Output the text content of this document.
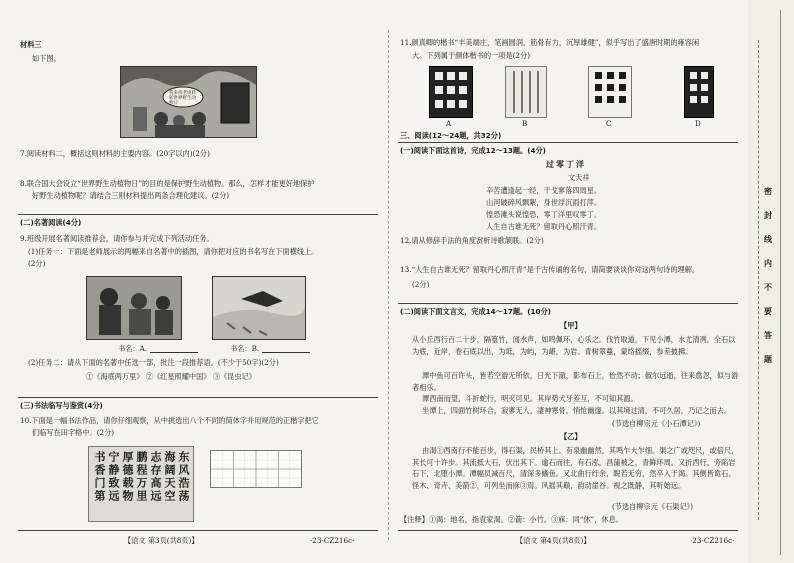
材料三
如下图。
我来找老虎转转世界野生动物日
7.阅读材料二，概括这则材料的主要内容。(20字以内)(2分)
8.联合国大会设立“世界野生动植物日”的目的是保护野生动植物。那么，怎样才能更好地保护
好野生动植物呢？请结合三则材料提出两条合理化建议。(2分)
(二)名著阅读(4分)
9.班级开展名著阅读推荐会，请你参与并完成下列活动任务。
(1)任务一：下面是老师展示的两幅来自名著中的插图，请你把对应的书名写在下面横线上。
(2分)
书名：A.	书名：B.
(2)任务二：请从下面的名著中任选一部，批注一段推荐语。(不少于50字)(2分)
①《海底两万里》 ②《红星照耀中国》 ③《昆虫记》
(三)书法临写与鉴赏(4分)
10.下面是一幅书法作品，请你仔细观察，从中挑选出八个不同的简体字并用规范的正楷字把它
们临写在田字格中。(2分)
东风浩荡
海阔天空
志存高远
鹏程万里
厚德载物
宁静致远
书香门第
【语文 第3页(共8页)】	·23-CZ216c·
11.颜真卿的楷书“丰美端庄，笔画圆润，筋骨有力，沉厚雄健”，似乎写出了盛唐时期的雍容闲
大。下列属于颜体楷书的一项是(2分)
A	B	C	D
三、阅读(12～24题，共32分)
(一)阅读下面这首诗，完成12～13题。(4分)
过零丁洋
文天祥
辛苦遭逢起一经，干戈寥落四周星。
山河破碎风飘絮，身世浮沉雨打萍。
惶恐滩头说惶恐，零丁洋里叹零丁。
人生自古谁无死？留取丹心照汗青。
12.请从修辞手法的角度赏析诗歌颔联。(2分)
13.“人生自古谁无死？留取丹心照汗青”是千古传诵的名句，请简要谈谈你对这两句诗的理解。
(2分)
(二)阅读下面文言文，完成14～17题。(10分)
【甲】
从小丘西行百二十步，隔篁竹，闻水声，如鸣佩环，心乐之。伐竹取道，下见小潭，水尤清冽。全石以为底，近岸，卷石底以出，为坻，为屿，为嵁，为岩。青树翠蔓，蒙络摇缀，参差披拂。
潭中鱼可百许头，皆若空游无所依，日光下澈，影布石上，佁然不动；俶尔远逝，往来翕忽，似与游者相乐。
潭西南而望，斗折蛇行，明灭可见。其岸势犬牙差互，不可知其源。
坐潭上，四面竹树环合，寂寥无人，凄神寒骨，悄怆幽邃。以其境过清，不可久居，乃记之而去。
(节选自柳宗元《小石潭记》)
【乙】
由渴①西南行不能百步，得石渠，民桥其上。有泉幽幽然，其鸣乍大乍细。渠之广或咫尺，或倍尺，其长可十许步。其流抵大石，伏出其下。逾石而往，有石泓，昌蒲被之，青鲜环周。又折西行，旁陷岩石下，北堕小潭。潭幅员减百尺，清深多鯈鱼。又北曲行纡余，睨若无穷，然卒入于渴。其侧皆诡石、怪木、奇卉、美箭②，可列坐而庥③焉。风摇其巅，韵动崖谷。视之既静，其听始远。
(节选自柳宗元《石渠记》)
【注释】①渴：地名，指袁家渴。②箭：小竹。③庥：同“休”，休息。
【语文 第4页(共8页)】	·23-CZ216c·
密
封
线
内
不
要
答
题
